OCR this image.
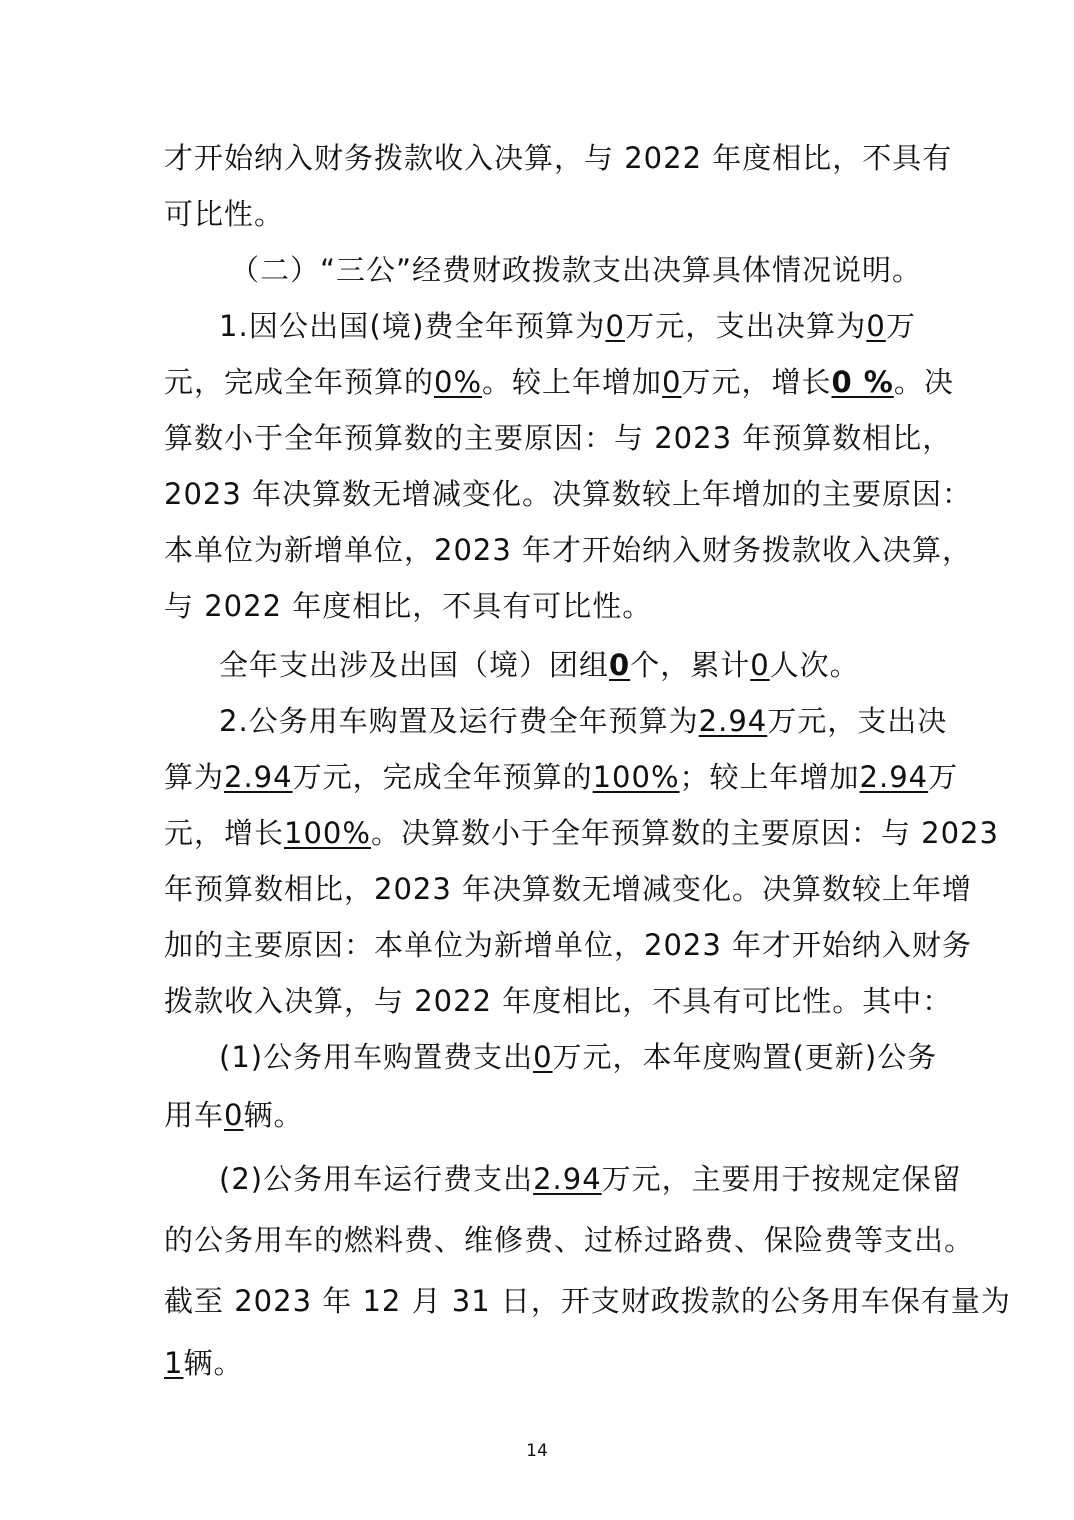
才开始纳入财务拨款收入决算，与 2022 年度相比，不具有
可比性。
（二）“三公”经费财政拨款支出决算具体情况说明。
1.因公出国(境)费全年预算为0万元，支出决算为0万
元，完成全年预算的0%。较上年增加0万元，增长0 %。决
算数小于全年预算数的主要原因：与 2023 年预算数相比，
2023 年决算数无增减变化。决算数较上年增加的主要原因：
本单位为新增单位，2023 年才开始纳入财务拨款收入决算，
与 2022 年度相比，不具有可比性。
全年支出涉及出国（境）团组0个，累计0人次。
2.公务用车购置及运行费全年预算为2.94万元，支出决
算为2.94万元，完成全年预算的100%；较上年增加2.94万
元，增长100%。决算数小于全年预算数的主要原因：与 2023
年预算数相比，2023 年决算数无增减变化。决算数较上年增
加的主要原因：本单位为新增单位，2023 年才开始纳入财务
拨款收入决算，与 2022 年度相比，不具有可比性。其中：
(1)公务用车购置费支出0万元，本年度购置(更新)公务
用车0辆。
(2)公务用车运行费支出2.94万元，主要用于按规定保留
的公务用车的燃料费、维修费、过桥过路费、保险费等支出。
截至 2023 年 12 月 31 日，开支财政拨款的公务用车保有量为
1辆。
14
